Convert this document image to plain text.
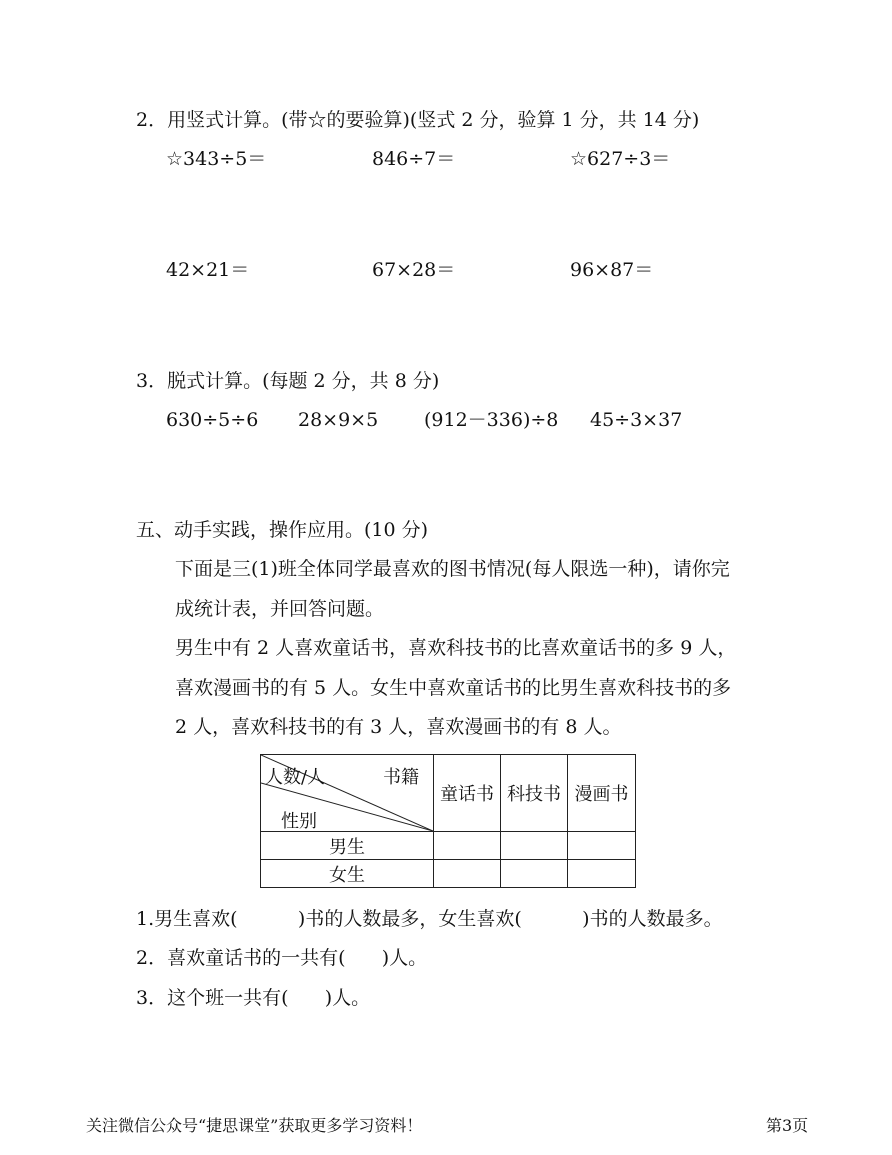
2．用竖式计算。(带☆的要验算)(竖式 2 分，验算 1 分，共 14 分)
☆343÷5＝	846÷7＝	☆627÷3＝
42×21＝	67×28＝	96×87＝
3．脱式计算。(每题 2 分，共 8 分)
630÷5÷6 28×9×5 (912－336)÷8 45÷3×37
五、动手实践，操作应用。(10 分)
下面是三(1)班全体同学最喜欢的图书情况(每人限选一种)，请你完
成统计表，并回答问题。
男生中有 2 人喜欢童话书，喜欢科技书的比喜欢童话书的多 9 人，
喜欢漫画书的有 5 人。女生中喜欢童话书的比男生喜欢科技书的多
2 人，喜欢科技书的有 3 人，喜欢漫画书的有 8 人。
人数/人 书籍
性别	童话书	科技书	漫画书
男生			
女生			
1.男生喜欢(          )书的人数最多，女生喜欢(          )书的人数最多。
2．喜欢童话书的一共有(      )人。
3．这个班一共有(      )人。
关注微信公众号“捷思课堂”获取更多学习资料！	第3页
